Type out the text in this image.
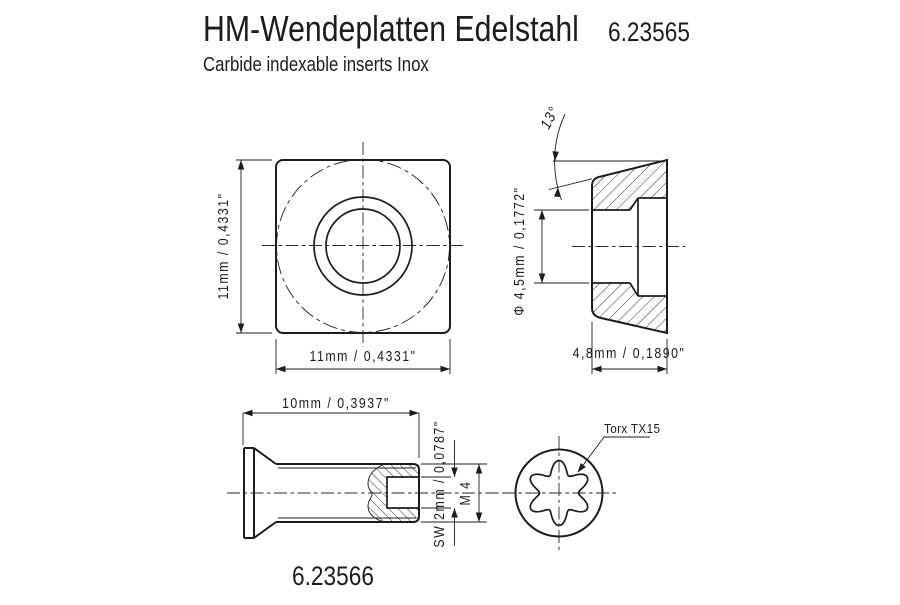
HM-Wendeplatten Edelstahl 6.23565
Carbide indexable inserts Inox
11mm / 0,4331"
11mm / 0,4331"
13°
Φ 4,5mm / 0,1772"
4,8mm / 0,1890"
10mm / 0,3937"
SW 2mm / 0,0787" M 4
Torx TX15
6.23566
